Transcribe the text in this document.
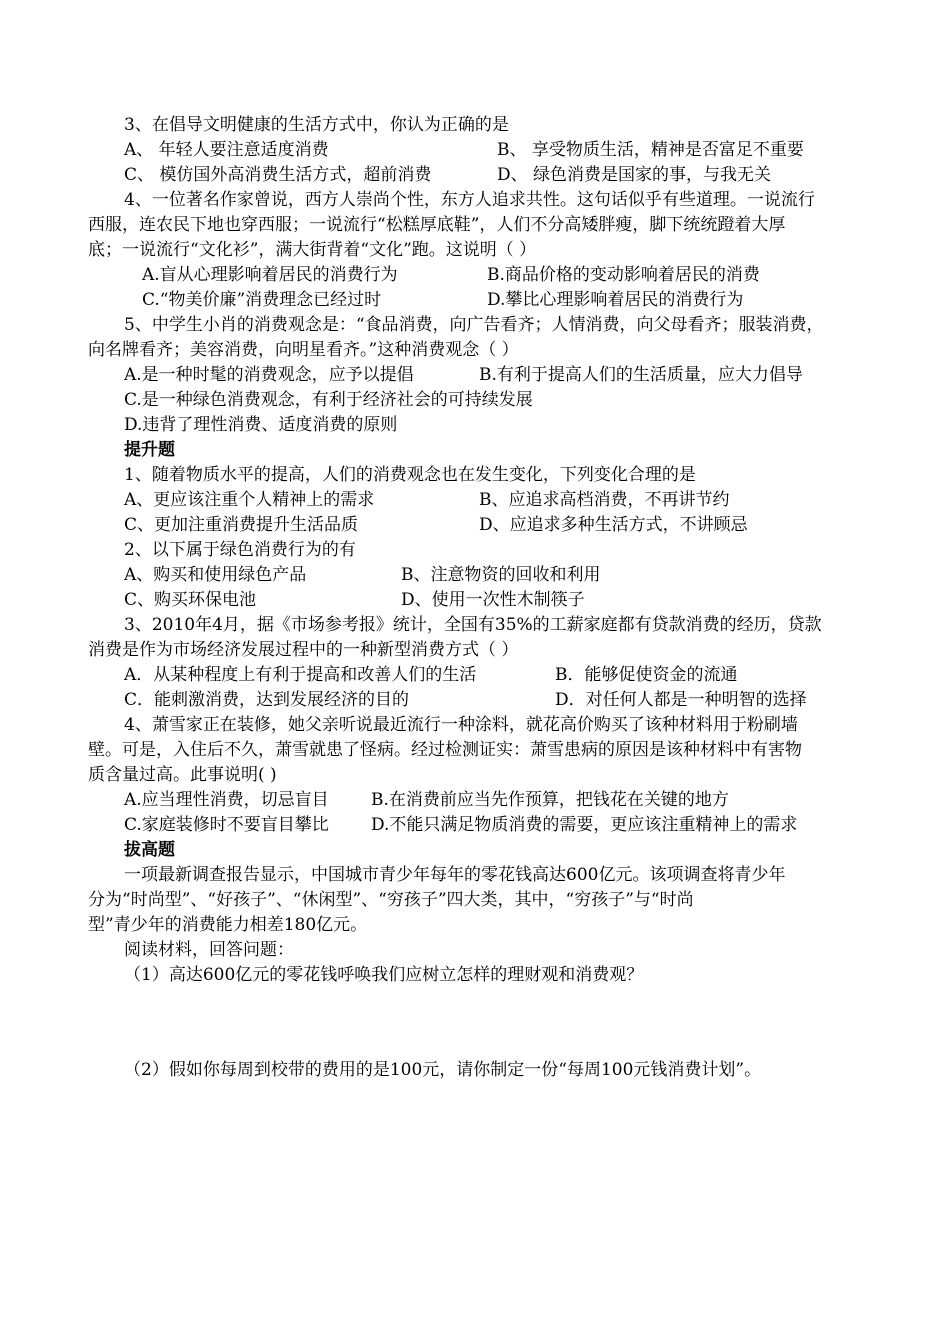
3、在倡导文明健康的生活方式中，你认为正确的是
A、 年轻人要注意适度消费	B、 享受物质生活，精神是否富足不重要
C、 模仿国外高消费生活方式，超前消费	D、 绿色消费是国家的事，与我无关
4、一位著名作家曾说，西方人崇尚个性，东方人追求共性。这句话似乎有些道理。一说流行
西服，连农民下地也穿西服；一说流行“松糕厚底鞋”，人们不分高矮胖瘦，脚下统统蹬着大厚
底；一说流行“文化衫”，满大街背着“文化”跑。这说明（ ）
A.盲从心理影响着居民的消费行为	B.商品价格的变动影响着居民的消费
C.“物美价廉”消费理念已经过时	D.攀比心理影响着居民的消费行为
5、中学生小肖的消费观念是：“食品消费，向广告看齐；人情消费，向父母看齐；服装消费，
向名牌看齐；美容消费，向明星看齐。”这种消费观念（ ）
A.是一种时髦的消费观念，应予以提倡	B.有利于提高人们的生活质量，应大力倡导
C.是一种绿色消费观念，有利于经济社会的可持续发展
D.违背了理性消费、适度消费的原则
提升题
1、随着物质水平的提高，人们的消费观念也在发生变化，下列变化合理的是
A、更应该注重个人精神上的需求	B、应追求高档消费，不再讲节约
C、更加注重消费提升生活品质	D、应追求多种生活方式，不讲顾忌
2、以下属于绿色消费行为的有
A、购买和使用绿色产品	B、注意物资的回收和利用
C、购买环保电池	D、使用一次性木制筷子
3、2010年4月，据《市场参考报》统计，全国有35%的工薪家庭都有贷款消费的经历，贷款
消费是作为市场经济发展过程中的一种新型消费方式（ ）
A．从某种程度上有利于提高和改善人们的生活	B．能够促使资金的流通
C．能刺激消费，达到发展经济的目的	D．对任何人都是一种明智的选择
4、萧雪家正在装修，她父亲听说最近流行一种涂料，就花高价购买了该种材料用于粉刷墙
壁。可是，入住后不久，萧雪就患了怪病。经过检测证实：萧雪患病的原因是该种材料中有害物
质含量过高。此事说明( )
A.应当理性消费，切忌盲目 B.在消费前应当先作预算，把钱花在关键的地方
C.家庭装修时不要盲目攀比 D.不能只满足物质消费的需要，更应该注重精神上的需求
拔高题
一项最新调查报告显示，中国城市青少年每年的零花钱高达600亿元。该项调查将青少年
分为“时尚型”、“好孩子”、“休闲型”、“穷孩子”四大类，其中，“穷孩子”与“时尚
型”青少年的消费能力相差180亿元。
阅读材料，回答问题：
（1）高达600亿元的零花钱呼唤我们应树立怎样的理财观和消费观？
（2）假如你每周到校带的费用的是100元，请你制定一份“每周100元钱消费计划”。
